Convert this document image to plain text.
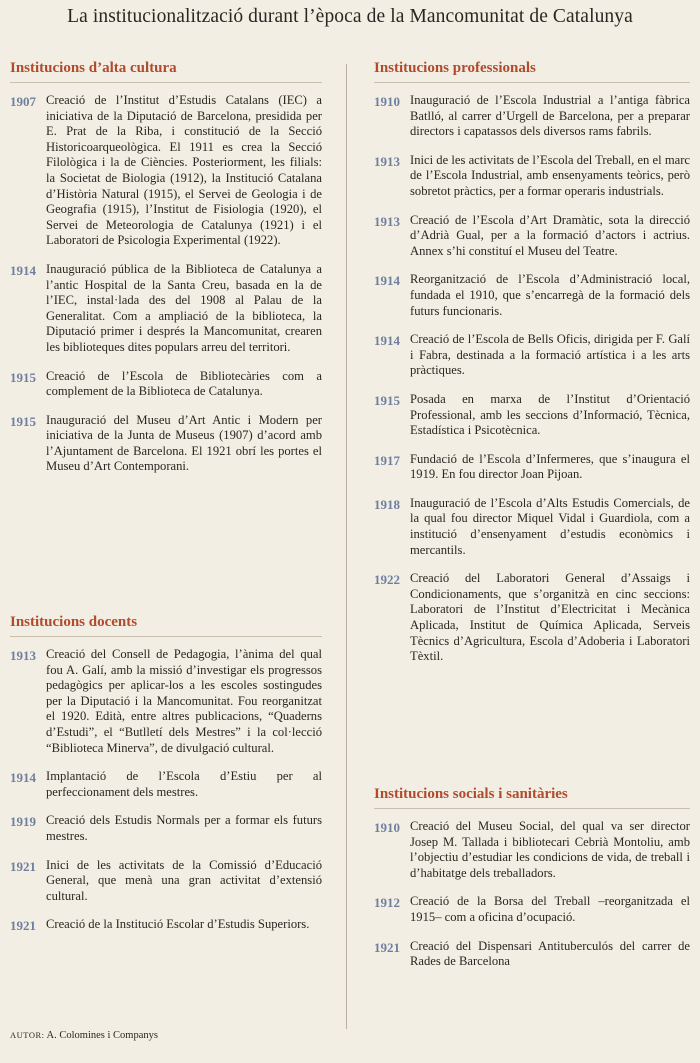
La institucionalització durant l’època de la Mancomunitat de Catalunya
Institucions d’alta cultura
1907 Creació de l’Institut d’Estudis Catalans (IEC) a iniciativa de la Diputació de Barcelona, presidida per E. Prat de la Riba, i constitució de la Secció Historicoarqueològica. El 1911 es crea la Secció Filològica i la de Ciències. Posteriorment, les filials: la Societat de Biologia (1912), la Institució Catalana d’Història Natural (1915), el Servei de Geologia i de Geografia (1915), l’Institut de Fisiologia (1920), el Servei de Meteorologia de Catalunya (1921) i el Laboratori de Psicologia Experimental (1922).
1914 Inauguració pública de la Biblioteca de Catalunya a l’antic Hospital de la Santa Creu, basada en la de l’IEC, instal·lada des del 1908 al Palau de la Generalitat. Com a ampliació de la biblioteca, la Diputació primer i després la Mancomunitat, crearen les biblioteques dites populars arreu del territori.
1915 Creació de l’Escola de Bibliotecàries com a complement de la Biblioteca de Catalunya.
1915 Inauguració del Museu d’Art Antic i Modern per iniciativa de la Junta de Museus (1907) d’acord amb l’Ajuntament de Barcelona. El 1921 obrí les portes el Museu d’Art Contemporani.
Institucions docents
1913 Creació del Consell de Pedagogia, l’ànima del qual fou A. Galí, amb la missió d’investigar els progressos pedagògics per aplicar-los a les escoles sostingudes per la Diputació i la Mancomunitat. Fou reorganitzat el 1920. Edità, entre altres publicacions, “Quaderns d’Estudi”, el “Butlletí dels Mestres” i la col·lecció “Biblioteca Minerva”, de divulgació cultural.
1914 Implantació de l’Escola d’Estiu per al perfeccionament dels mestres.
1919 Creació dels Estudis Normals per a formar els futurs mestres.
1921 Inici de les activitats de la Comissió d’Educació General, que menà una gran activitat d’extensió cultural.
1921 Creació de la Institució Escolar d’Estudis Superiors.
Institucions professionals
1910 Inauguració de l’Escola Industrial a l’antiga fàbrica Batlló, al carrer d’Urgell de Barcelona, per a preparar directors i capatassos dels diversos rams fabrils.
1913 Inici de les activitats de l’Escola del Treball, en el marc de l’Escola Industrial, amb ensenyaments teòrics, però sobretot pràctics, per a formar operaris industrials.
1913 Creació de l’Escola d’Art Dramàtic, sota la direcció d’Adrià Gual, per a la formació d’actors i actrius. Annex s’hi constituí el Museu del Teatre.
1914 Reorganització de l’Escola d’Administració local, fundada el 1910, que s’encarregà de la formació dels futurs funcionaris.
1914 Creació de l’Escola de Bells Oficis, dirigida per F. Galí i Fabra, destinada a la formació artística i a les arts pràctiques.
1915 Posada en marxa de l’Institut d’Orientació Professional, amb les seccions d’Informació, Tècnica, Estadística i Psicotècnica.
1917 Fundació de l’Escola d’Infermeres, que s’inaugura el 1919. En fou director Joan Pijoan.
1918 Inauguració de l’Escola d’Alts Estudis Comercials, de la qual fou director Miquel Vidal i Guardiola, com a institució d’ensenyament d’estudis econòmics i mercantils.
1922 Creació del Laboratori General d’Assaigs i Condicionaments, que s’organitzà en cinc seccions: Laboratori de l’Institut d’Electricitat i Mecànica Aplicada, Institut de Química Aplicada, Serveis Tècnics d’Agricultura, Escola d’Adoberia i Laboratori Tèxtil.
Institucions socials i sanitàries
1910 Creació del Museu Social, del qual va ser director Josep M. Tallada i bibliotecari Cebrià Montoliu, amb l’objectiu d’estudiar les condicions de vida, de treball i d’habitatge dels treballadors.
1912 Creació de la Borsa del Treball –reorganitzada el 1915– com a oficina d’ocupació.
1921 Creació del Dispensari Antituberculós del carrer de Rades de Barcelona
AUTOR: A. Colomines i Companys
